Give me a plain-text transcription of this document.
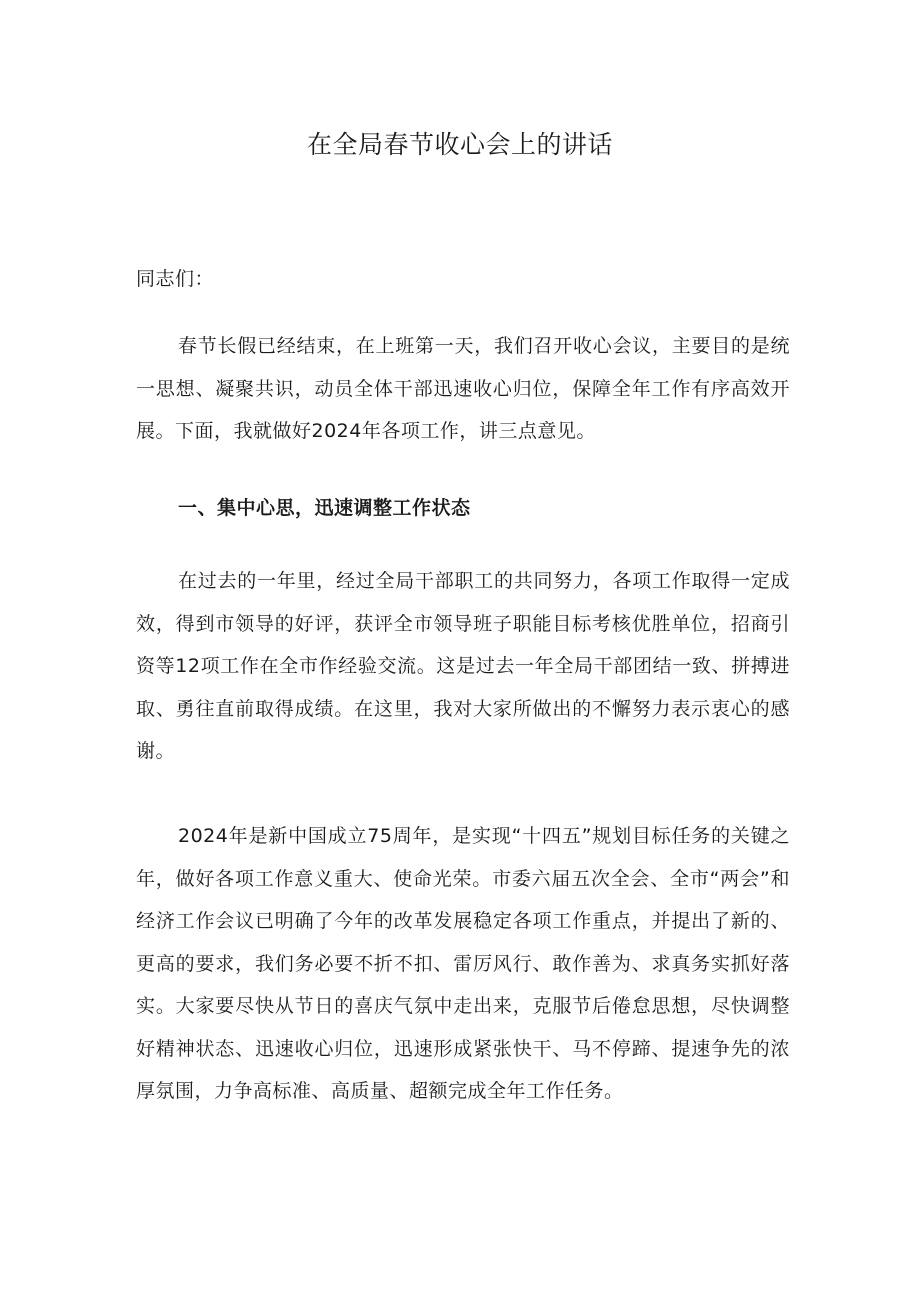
在全局春节收心会上的讲话

同志们：

春节长假已经结束，在上班第一天，我们召开收心会议，主要目的是统一思想、凝聚共识，动员全体干部迅速收心归位，保障全年工作有序高效开展。下面，我就做好2024年各项工作，讲三点意见。

一、集中心思，迅速调整工作状态

在过去的一年里，经过全局干部职工的共同努力，各项工作取得一定成效，得到市领导的好评，获评全市领导班子职能目标考核优胜单位，招商引资等12项工作在全市作经验交流。这是过去一年全局干部团结一致、拼搏进取、勇往直前取得成绩。在这里，我对大家所做出的不懈努力表示衷心的感谢。

2024年是新中国成立75周年，是实现“十四五”规划目标任务的关键之年，做好各项工作意义重大、使命光荣。市委六届五次全会、全市“两会”和经济工作会议已明确了今年的改革发展稳定各项工作重点，并提出了新的、更高的要求，我们务必要不折不扣、雷厉风行、敢作善为、求真务实抓好落实。大家要尽快从节日的喜庆气氛中走出来，克服节后倦怠思想，尽快调整好精神状态、迅速收心归位，迅速形成紧张快干、马不停蹄、提速争先的浓厚氛围，力争高标准、高质量、超额完成全年工作任务。
